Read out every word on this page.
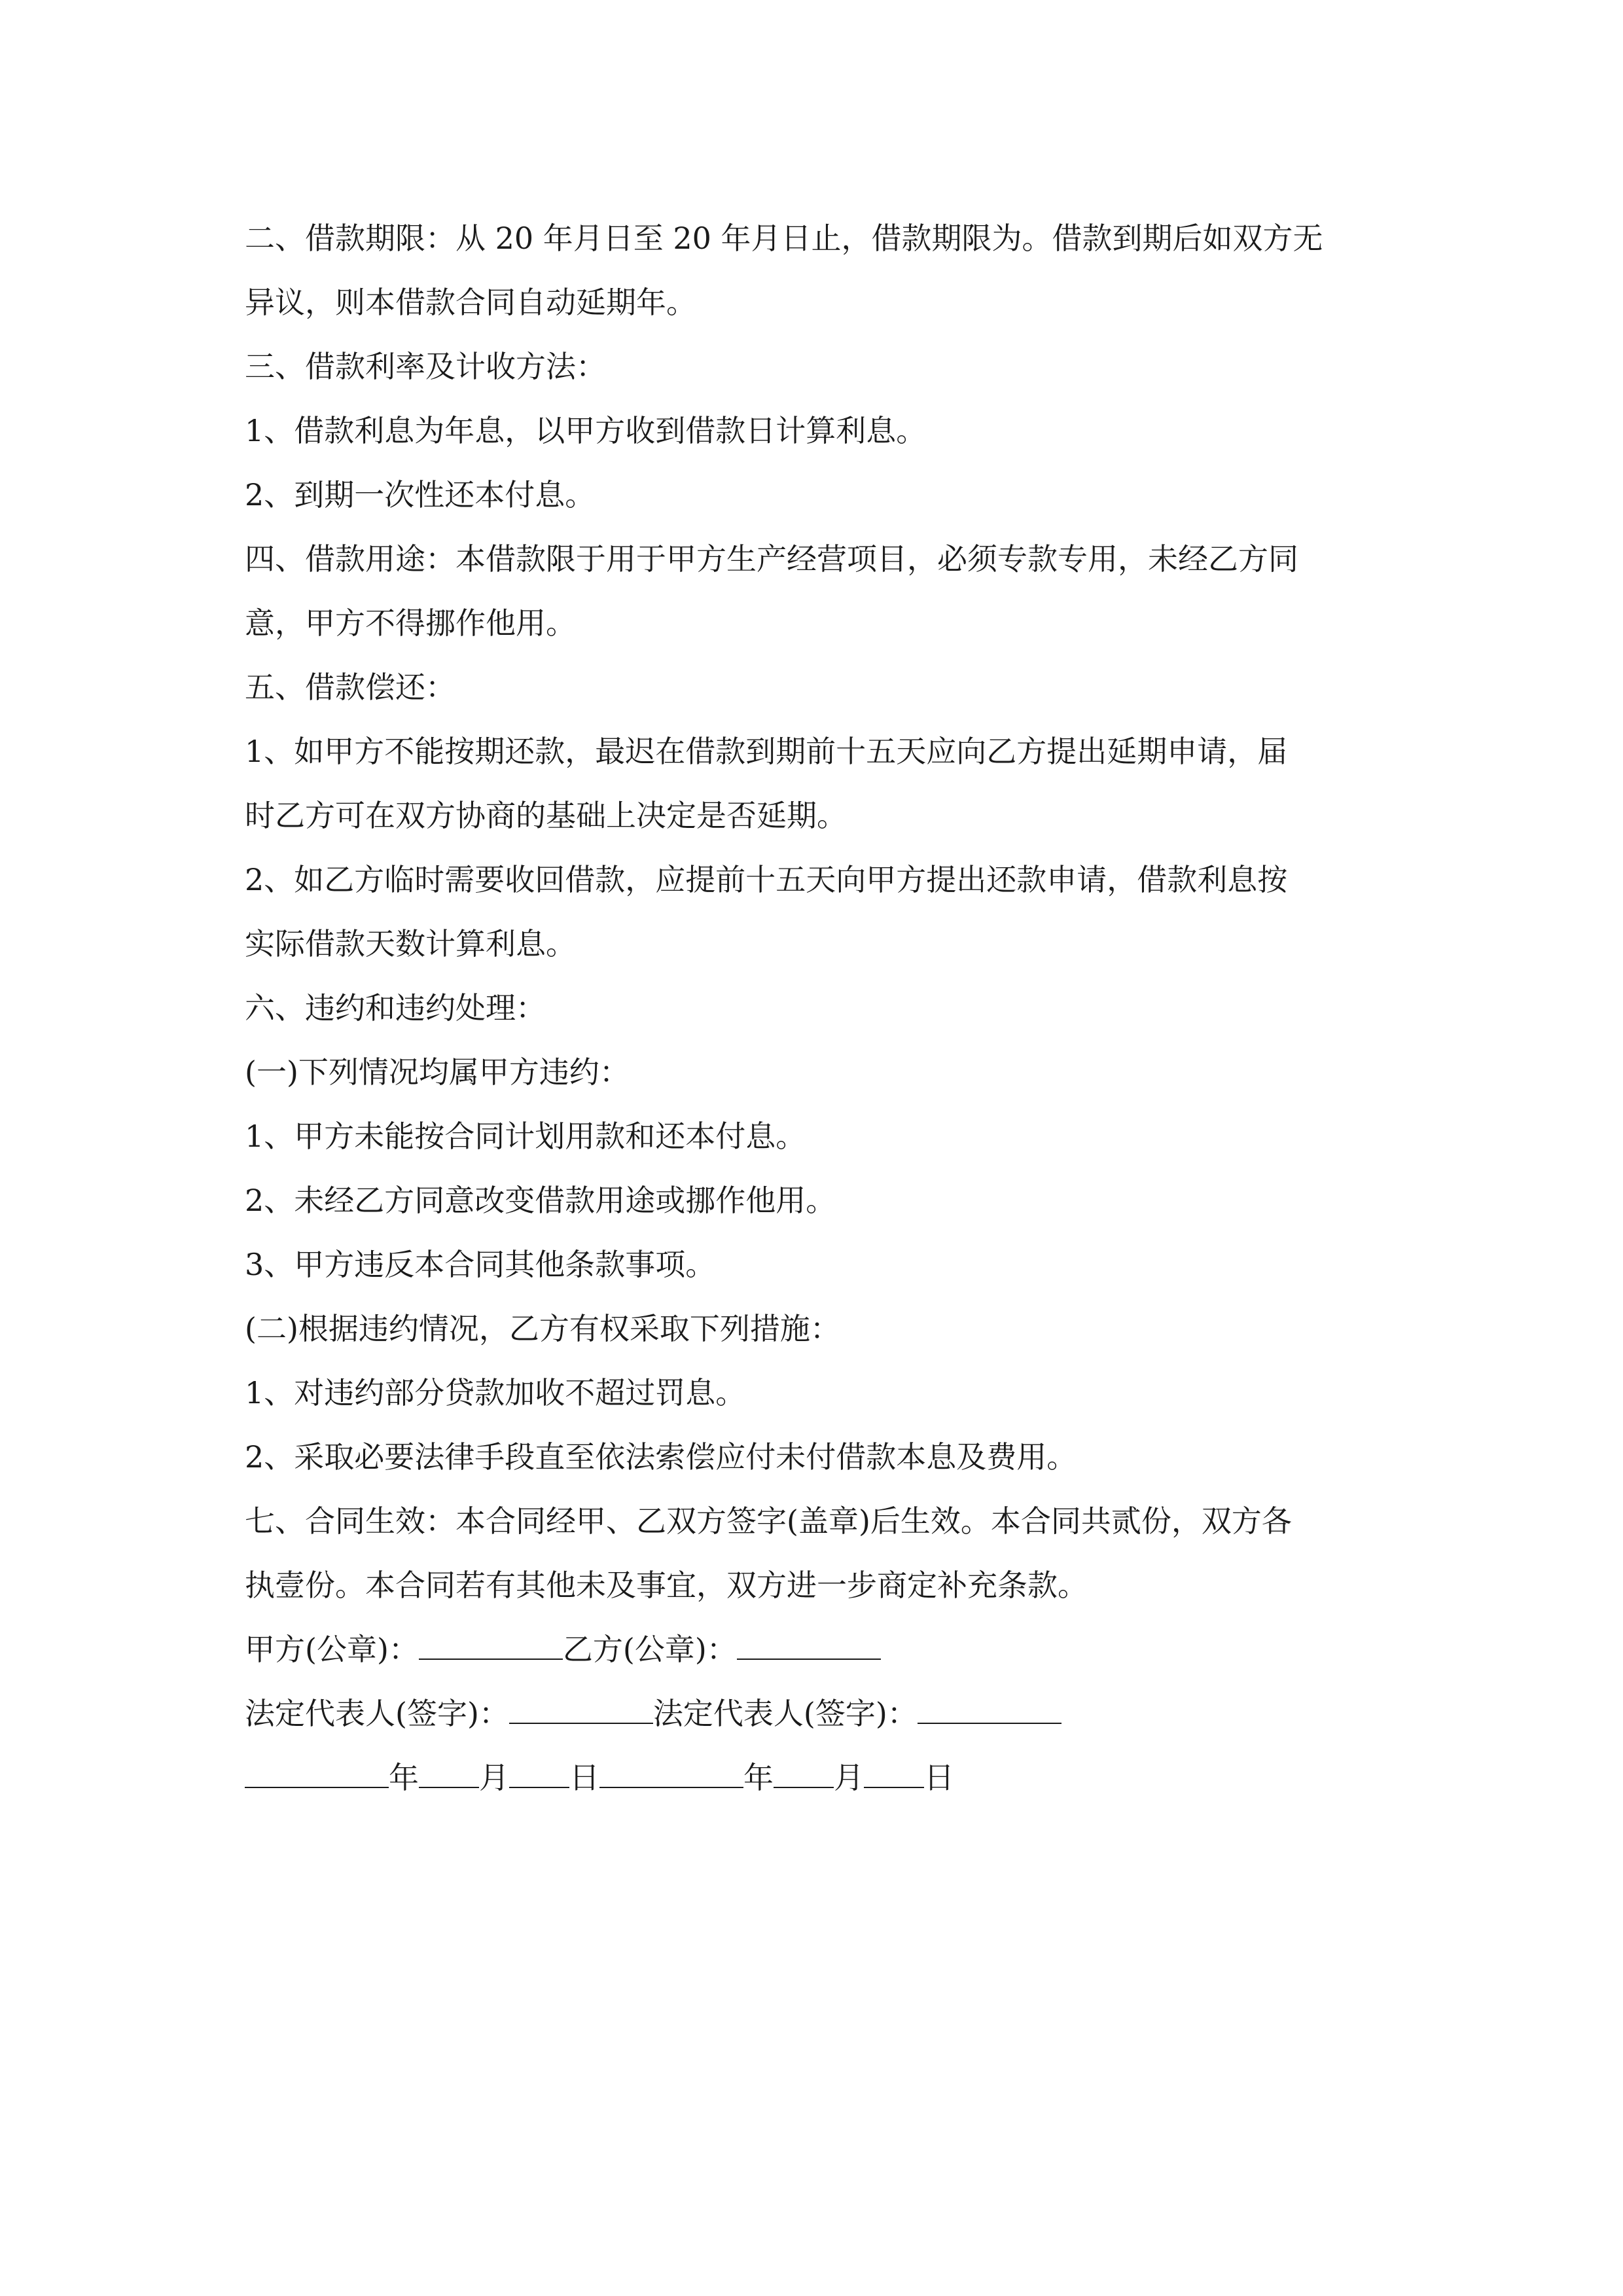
二、借款期限：从 20 年月日至 20 年月日止，借款期限为。借款到期后如双方无

异议，则本借款合同自动延期年。

三、借款利率及计收方法：

1、借款利息为年息，以甲方收到借款日计算利息。

2、到期一次性还本付息。

四、借款用途：本借款限于用于甲方生产经营项目，必须专款专用，未经乙方同

意，甲方不得挪作他用。

五、借款偿还：

1、如甲方不能按期还款，最迟在借款到期前十五天应向乙方提出延期申请，届

时乙方可在双方协商的基础上决定是否延期。

2、如乙方临时需要收回借款，应提前十五天向甲方提出还款申请，借款利息按

实际借款天数计算利息。

六、违约和违约处理：

(一)下列情况均属甲方违约：

1、甲方未能按合同计划用款和还本付息。

2、未经乙方同意改变借款用途或挪作他用。

3、甲方违反本合同其他条款事项。

(二)根据违约情况，乙方有权采取下列措施：

1、对违约部分贷款加收不超过罚息。

2、采取必要法律手段直至依法索偿应付未付借款本息及费用。

七、合同生效：本合同经甲、乙双方签字(盖章)后生效。本合同共贰份，双方各

执壹份。本合同若有其他未及事宜，双方进一步商定补充条款。

甲方(公章)：	乙方(公章)：
法定代表人(签字)：	法定代表人(签字)：
年 月 日	年 月 日
